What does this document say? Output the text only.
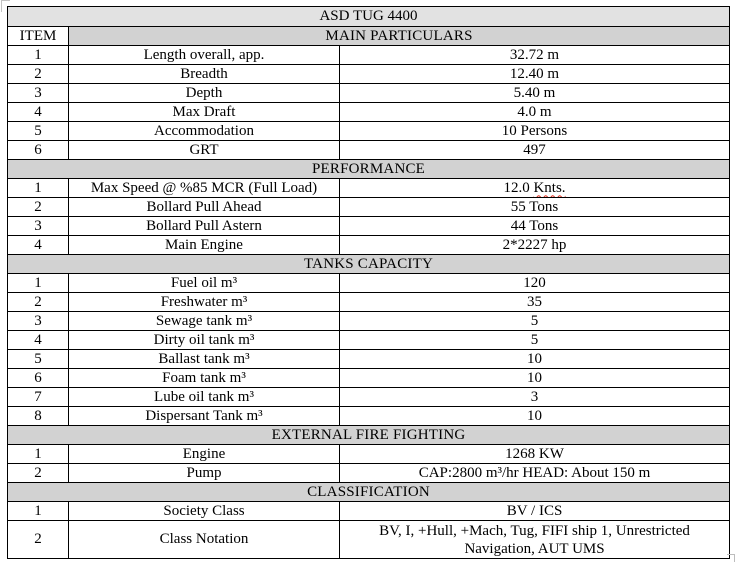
ASD TUG 4400		
ITEM	MAIN PARTICULARS	
1	Length overall, app.	32.72 m
2	Breadth	12.40 m
3	Depth	5.40 m
4	Max Draft	4.0 m
5	Accommodation	10 Persons
6	GRT	497
PERFORMANCE		
1	Max Speed @ %85 MCR (Full Load)	12.0 Knts.
2	Bollard Pull Ahead	55 Tons
3	Bollard Pull Astern	44 Tons
4	Main Engine	2*2227 hp
TANKS CAPACITY		
1	Fuel oil m³	120
2	Freshwater m³	35
3	Sewage tank m³	5
4	Dirty oil tank m³	5
5	Ballast tank m³	10
6	Foam tank m³	10
7	Lube oil tank m³	3
8	Dispersant Tank m³	10
EXTERNAL FIRE FIGHTING		
1	Engine	1268 KW
2	Pump	CAP:2800 m³/hr HEAD: About 150 m
CLASSIFICATION		
1	Society Class	BV / ICS
2	Class Notation	BV, I, +Hull, +Mach, Tug, FIFI ship 1, Unrestricted Navigation, AUT UMS
